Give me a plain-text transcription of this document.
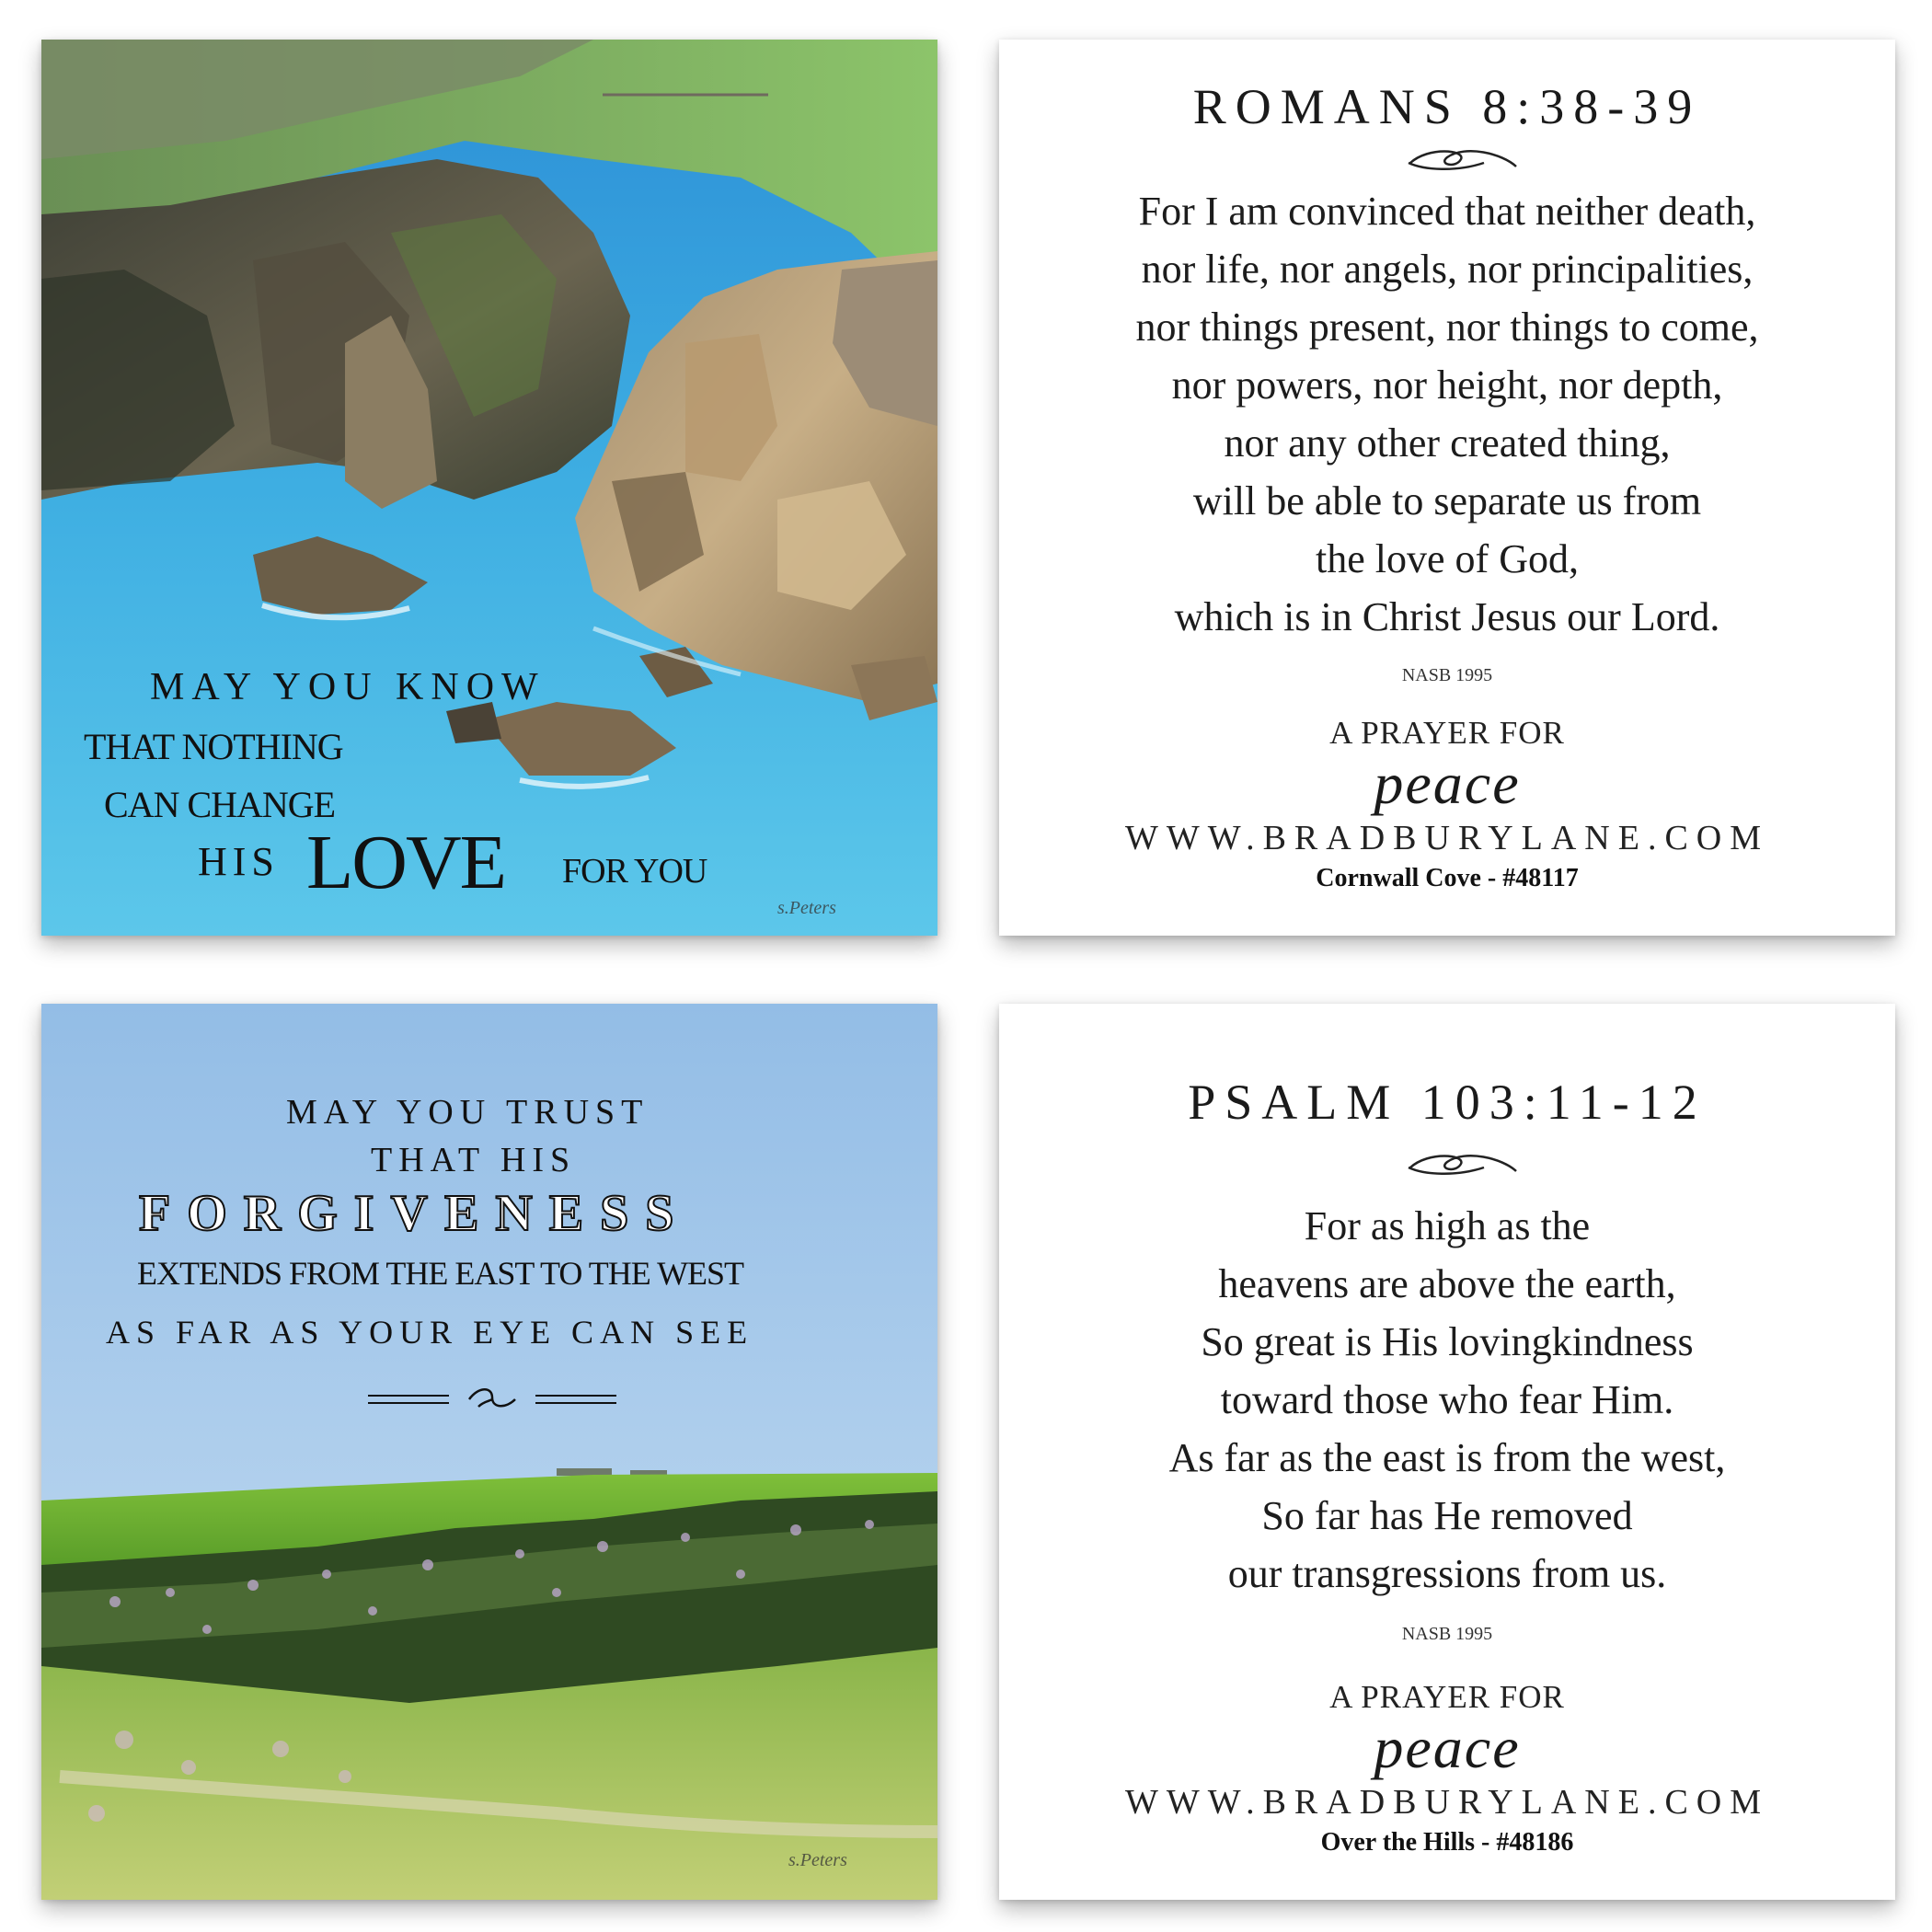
MAY YOU KNOW
THAT NOTHING
CAN CHANGE
HIS LOVE FOR YOU
s.Peters
ROMANS 8:38-39
For I am convinced that neither death,
nor life, nor angels, nor principalities,
nor things present, nor things to come,
nor powers, nor height, nor depth,
nor any other created thing,
will be able to separate us from
the love of God,
which is in Christ Jesus our Lord.
NASB 1995
A PRAYER FOR
peace
WWW.BRADBURYLANE.COM
Cornwall Cove - #48117
MAY YOU TRUST
THAT HIS
FORGIVENESS
EXTENDS FROM THE EAST TO THE WEST
AS FAR AS YOUR EYE CAN SEE
s.Peters
PSALM 103:11-12
For as high as the
heavens are above the earth,
So great is His lovingkindness
toward those who fear Him.
As far as the east is from the west,
So far has He removed
our transgressions from us.
NASB 1995
A PRAYER FOR
peace
WWW.BRADBURYLANE.COM
Over the Hills - #48186
